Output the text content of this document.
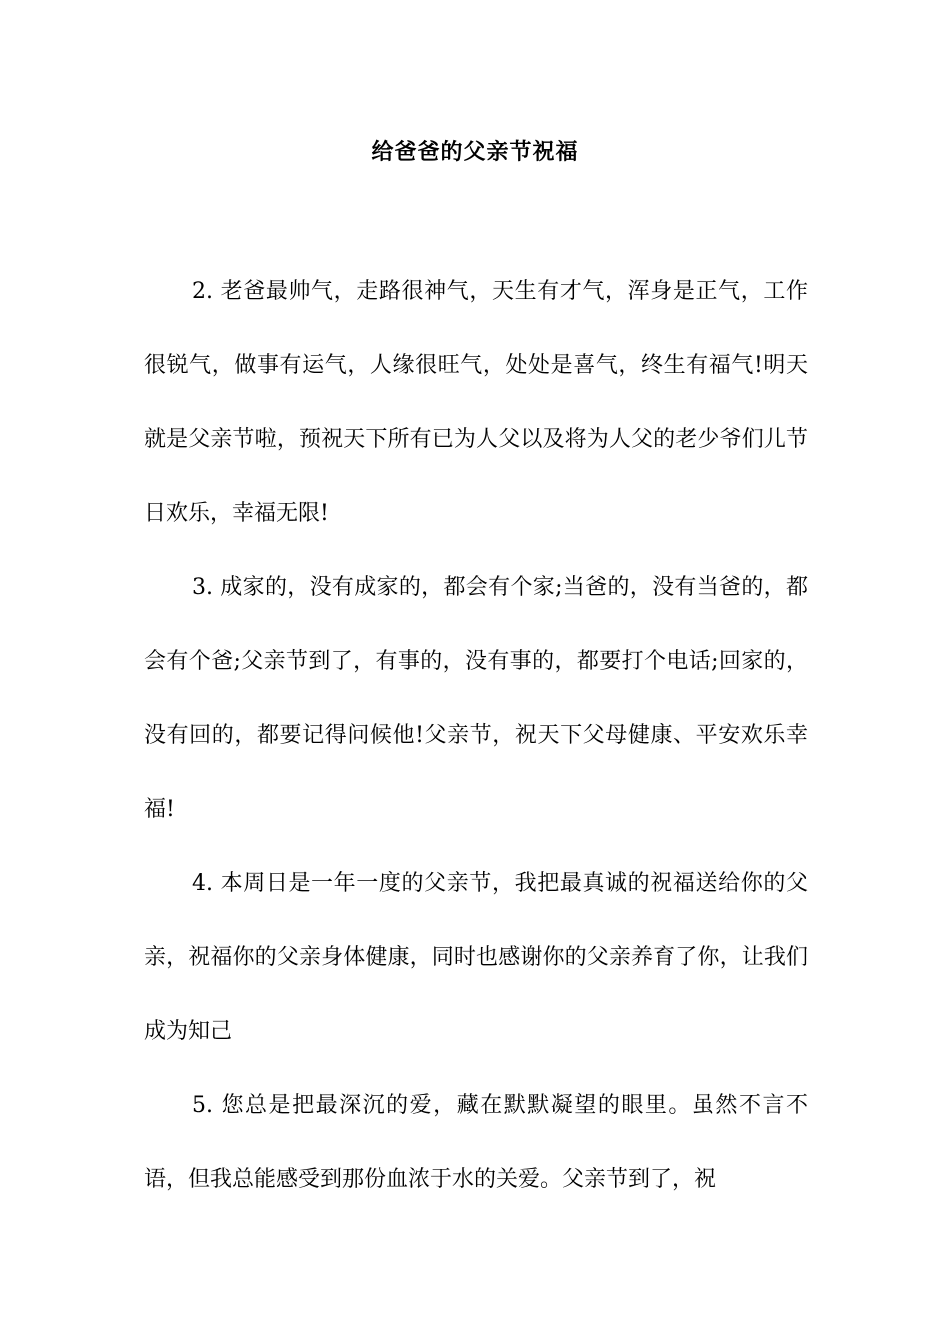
给爸爸的父亲节祝福

2. 老爸最帅气，走路很神气，天生有才气，浑身是正气，工作很锐气，做事有运气，人缘很旺气，处处是喜气，终生有福气!明天就是父亲节啦，预祝天下所有已为人父以及将为人父的老少爷们儿节日欢乐，幸福无限!

3. 成家的，没有成家的，都会有个家;当爸的，没有当爸的，都会有个爸;父亲节到了，有事的，没有事的，都要打个电话;回家的，没有回的，都要记得问候他!父亲节，祝天下父母健康、平安欢乐幸福!

4. 本周日是一年一度的父亲节，我把最真诚的祝福送给你的父亲，祝福你的父亲身体健康，同时也感谢你的父亲养育了你，让我们成为知己

5. 您总是把最深沉的爱，藏在默默凝望的眼里。虽然不言不语，但我总能感受到那份血浓于水的关爱。父亲节到了，祝
